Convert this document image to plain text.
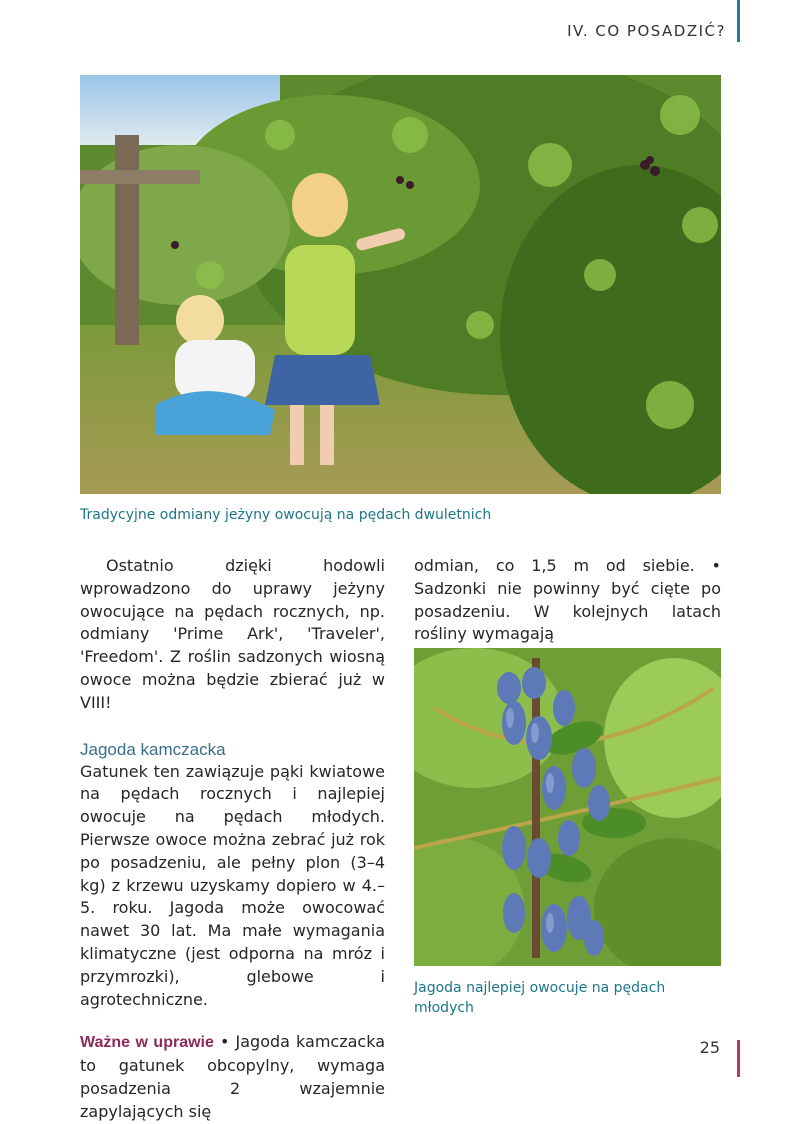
IV. CO POSADZIĆ?
Tradycyjne odmiany jeżyny owocują na pędach dwuletnich

Ostatnio dzięki hodowli wprowadzono do uprawy jeżyny owocujące na pędach rocznych, np. odmiany 'Prime Ark', 'Traveler', 'Freedom'. Z roślin sadzonych wiosną owoce można będzie zbierać już w VIII!

Jagoda kamczacka

Gatunek ten zawiązuje pąki kwiatowe na pędach rocznych i najlepiej owocuje na pędach młodych. Pierwsze owoce można zebrać już rok po posadzeniu, ale pełny plon (3–4 kg) z krzewu uzyskamy dopiero w 4.–5. roku. Jagoda może owocować nawet 30 lat. Ma małe wymagania klimatyczne (jest odporna na mróz i przymrozki), glebowe i agrotechniczne.

Ważne w uprawie • Jagoda kamczacka to gatunek obcopylny, wymaga posadzenia 2 wzajemnie zapylających się

odmian, co 1,5 m od siebie. • Sadzonki nie powinny być cięte po posadzeniu. W kolejnych latach rośliny wymagają

Jagoda najlepiej owocuje na pędach młodych
25
